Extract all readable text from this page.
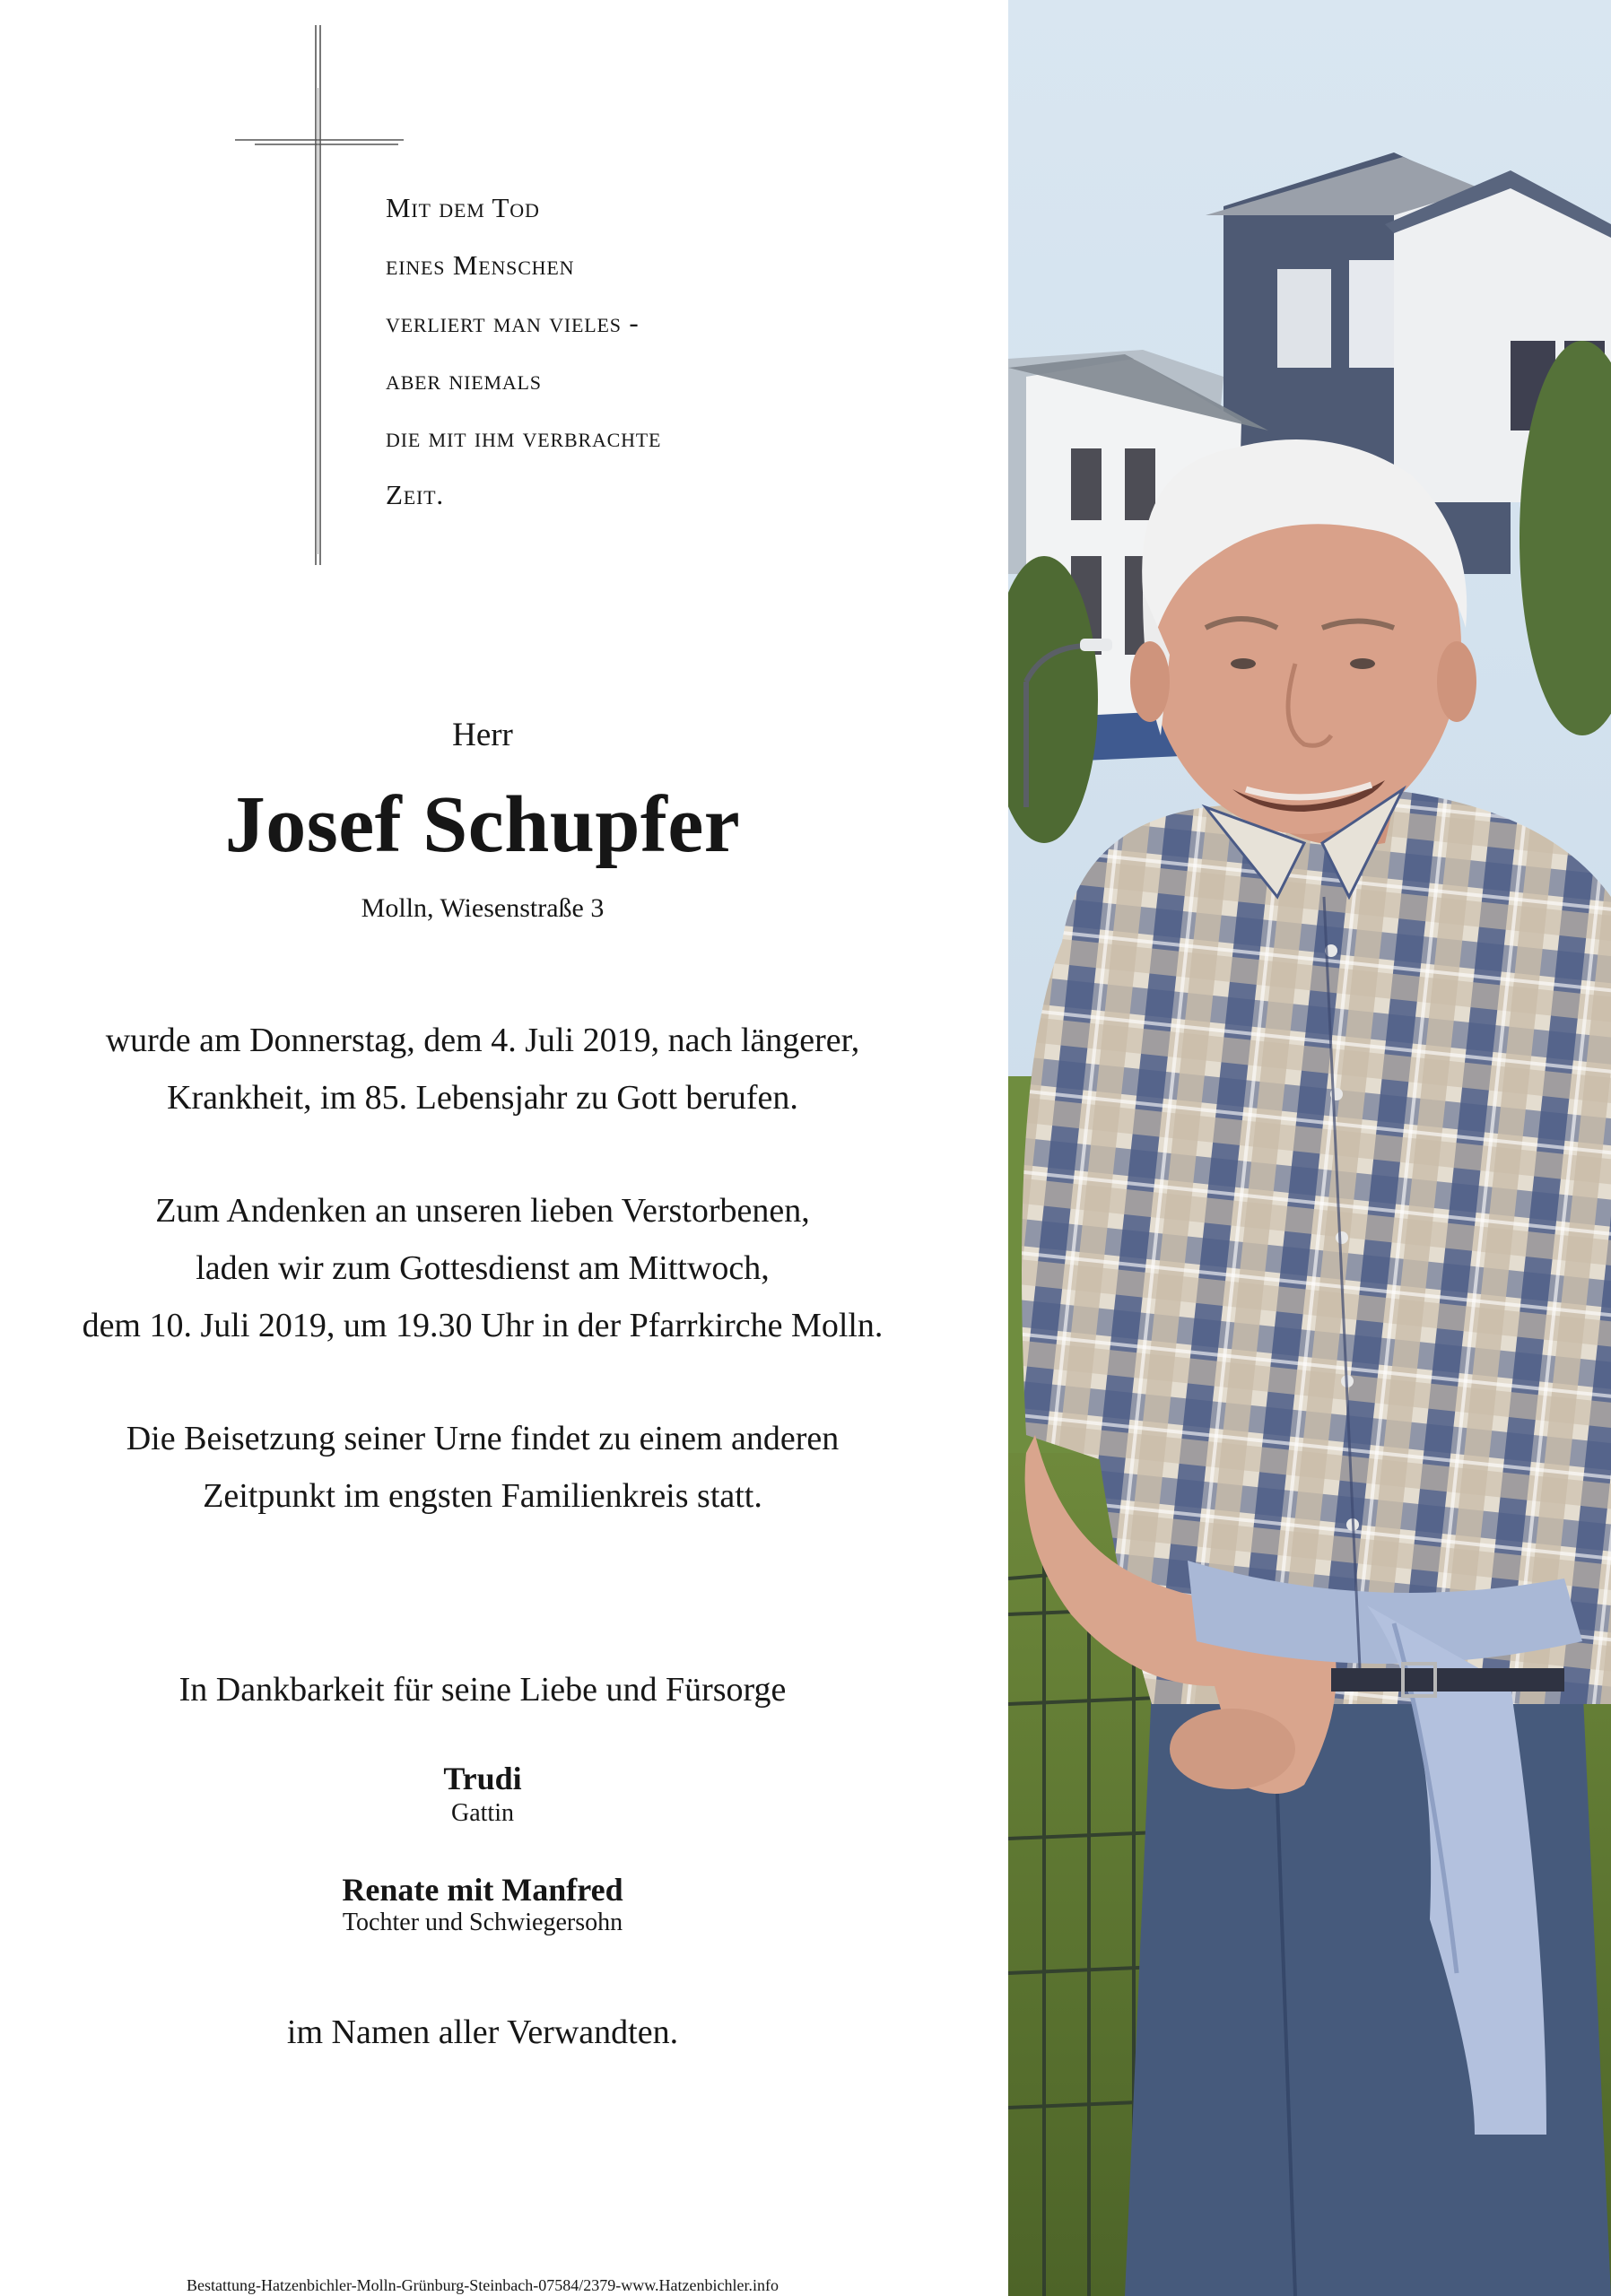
Mit dem Tod
eines Menschen
verliert man vieles -
aber niemals
die mit ihm verbrachte
Zeit.
Herr
Josef Schupfer
Molln, Wiesenstraße 3
wurde am Donnerstag, dem 4. Juli 2019, nach längerer,
Krankheit, im 85. Lebensjahr zu Gott berufen.
Zum Andenken an unseren lieben Verstorbenen,
laden wir zum Gottesdienst am Mittwoch,
dem 10. Juli 2019, um 19.30 Uhr in der Pfarrkirche Molln.
Die Beisetzung seiner Urne findet zu einem anderen
Zeitpunkt im engsten Familienkreis statt.
In Dankbarkeit für seine Liebe und Fürsorge
Trudi
Gattin
Renate mit Manfred
Tochter und Schwiegersohn
im Namen aller Verwandten.
Bestattung-Hatzenbichler-Molln-Grünburg-Steinbach-07584/2379-www.Hatzenbichler.info
